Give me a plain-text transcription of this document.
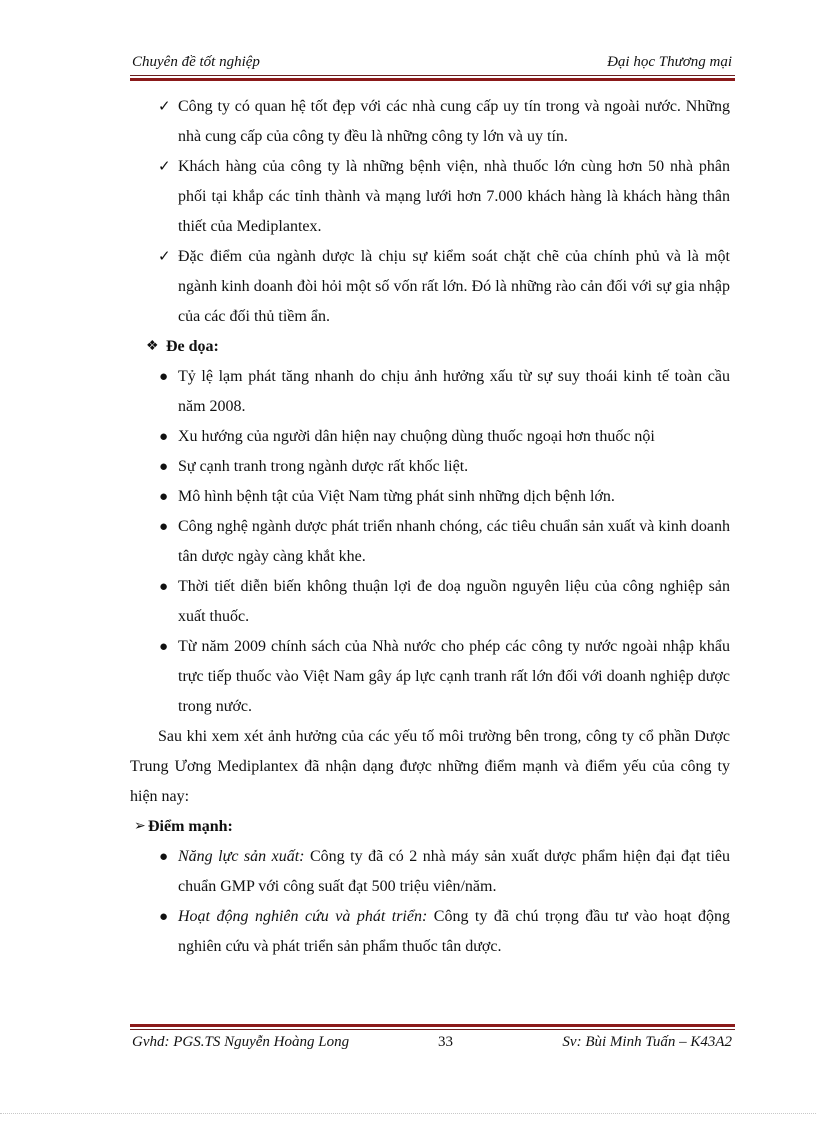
Chuyên đề tốt nghiệp	Đại học Thương mại
✓ Công ty có quan hệ tốt đẹp với các nhà cung cấp uy tín trong và ngoài nước. Những nhà cung cấp của công ty đều là những công ty lớn và uy tín.
✓ Khách hàng của công ty là những bệnh viện, nhà thuốc lớn cùng hơn 50 nhà phân phối tại khắp các tỉnh thành và mạng lưới hơn 7.000 khách hàng là khách hàng thân thiết của Mediplantex.
✓ Đặc điểm của ngành dược là chịu sự kiểm soát chặt chẽ của chính phủ và là một ngành kinh doanh đòi hỏi một số vốn rất lớn. Đó là những rào cản đối với sự gia nhập của các đối thủ tiềm ẩn.
❖ Đe dọa:
● Tỷ lệ lạm phát tăng nhanh do chịu ảnh hưởng xấu từ sự suy thoái kinh tế toàn cầu năm 2008.
● Xu hướng của người dân hiện nay chuộng dùng thuốc ngoại hơn thuốc nội
● Sự cạnh tranh trong ngành dược rất khốc liệt.
● Mô hình bệnh tật của Việt Nam từng phát sinh những dịch bệnh lớn.
● Công nghệ ngành dược phát triển nhanh chóng, các tiêu chuẩn sản xuất và kinh doanh tân dược ngày càng khắt khe.
● Thời tiết diễn biến không thuận lợi đe doạ nguồn nguyên liệu của công nghiệp sản xuất thuốc.
● Từ năm 2009 chính sách của Nhà nước cho phép các công ty nước ngoài nhập khẩu trực tiếp thuốc vào Việt Nam gây áp lực cạnh tranh rất lớn đối với doanh nghiệp dược trong nước.
Sau khi xem xét ảnh hưởng của các yếu tố môi trường bên trong, công ty cổ phần Dược Trung Ương Mediplantex đã nhận dạng được những điểm mạnh và điểm yếu của công ty hiện nay:
➢ Điểm mạnh:
● Năng lực sản xuất: Công ty đã có 2 nhà máy sản xuất dược phẩm hiện đại đạt tiêu chuẩn GMP với công suất đạt 500 triệu viên/năm.
● Hoạt động nghiên cứu và phát triển: Công ty đã chú trọng đầu tư vào hoạt động nghiên cứu và phát triển sản phẩm thuốc tân dược.
Gvhd: PGS.TS Nguyễn Hoàng Long	33	Sv: Bùi Minh Tuấn – K43A2
